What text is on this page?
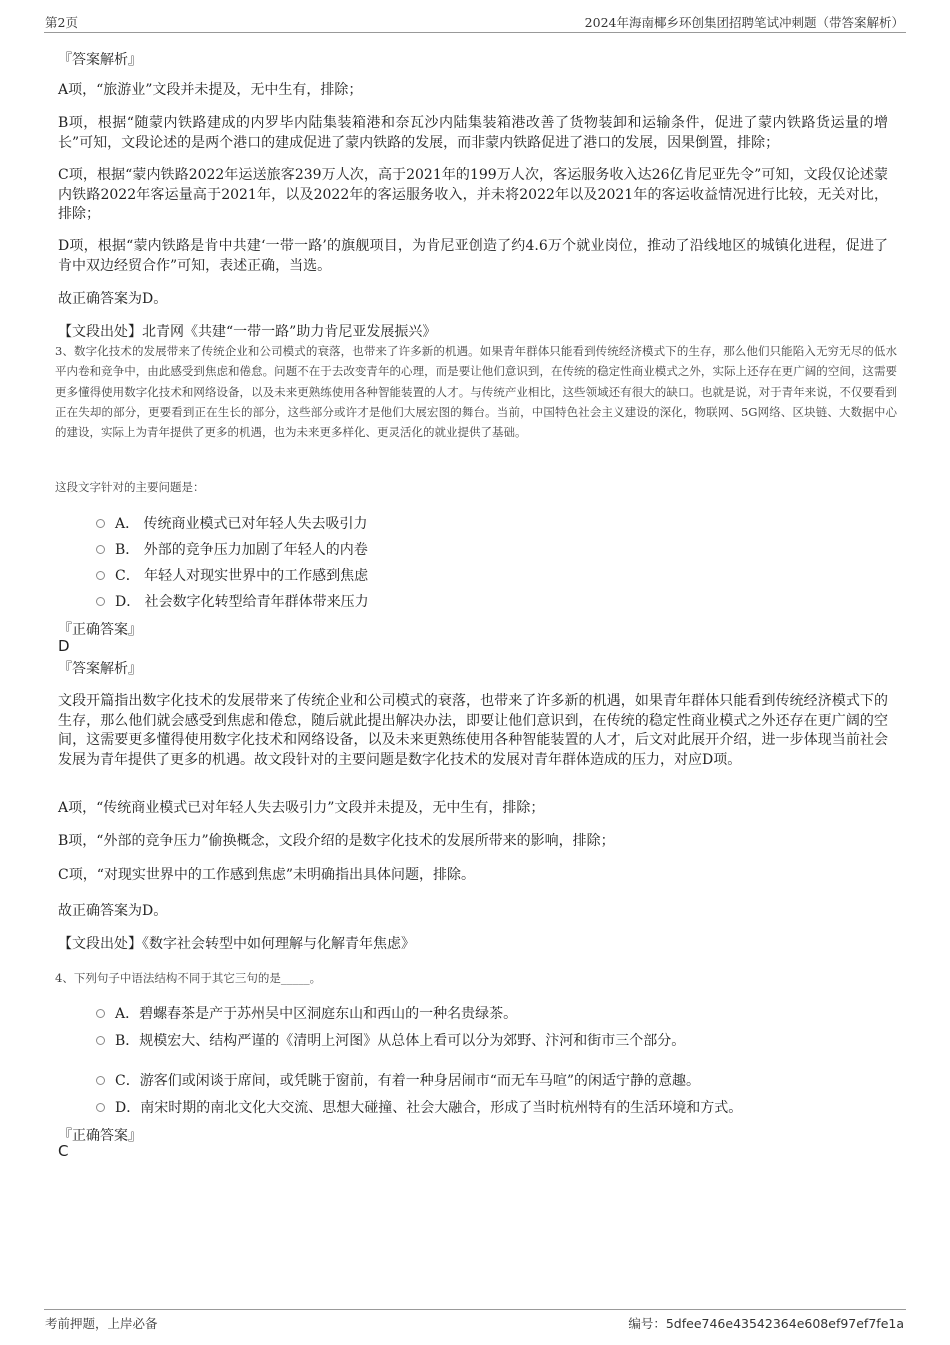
第2页	2024年海南椰乡环创集团招聘笔试冲刺题（带答案解析）
『答案解析』
A项，“旅游业”文段并未提及，无中生有，排除；
B项，根据“随蒙内铁路建成的内罗毕内陆集装箱港和奈瓦沙内陆集装箱港改善了货物装卸和运输条件，促进了蒙内铁路货运量的增长”可知，文段论述的是两个港口的建成促进了蒙内铁路的发展，而非蒙内铁路促进了港口的发展，因果倒置，排除；
C项，根据“蒙内铁路2022年运送旅客239万人次，高于2021年的199万人次，客运服务收入达26亿肯尼亚先令”可知，文段仅论述蒙内铁路2022年客运量高于2021年，以及2022年的客运服务收入，并未将2022年以及2021年的客运收益情况进行比较，无关对比，排除；
D项，根据“蒙内铁路是肯中共建‘一带一路’的旗舰项目，为肯尼亚创造了约4.6万个就业岗位，推动了沿线地区的城镇化进程，促进了肯中双边经贸合作”可知，表述正确，当选。
故正确答案为D。
【文段出处】北青网《共建“一带一路”助力肯尼亚发展振兴》
3、数字化技术的发展带来了传统企业和公司模式的衰落，也带来了许多新的机遇。如果青年群体只能看到传统经济模式下的生存，那么他们只能陷入无穷无尽的低水平内卷和竞争中，由此感受到焦虑和倦怠。问题不在于去改变青年的心理，而是要让他们意识到，在传统的稳定性商业模式之外，实际上还存在更广阔的空间，这需要更多懂得使用数字化技术和网络设备，以及未来更熟练使用各种智能装置的人才。与传统产业相比，这些领域还有很大的缺口。也就是说，对于青年来说，不仅要看到正在失却的部分，更要看到正在生长的部分，这些部分或许才是他们大展宏图的舞台。当前，中国特色社会主义建设的深化，物联网、5G网络、区块链、大数据中心的建设，实际上为青年提供了更多的机遇，也为未来更多样化、更灵活化的就业提供了基础。
这段文字针对的主要问题是：
A． 传统商业模式已对年轻人失去吸引力
B． 外部的竞争压力加剧了年轻人的内卷
C． 年轻人对现实世界中的工作感到焦虑
D． 社会数字化转型给青年群体带来压力
『正确答案』
D
『答案解析』
文段开篇指出数字化技术的发展带来了传统企业和公司模式的衰落，也带来了许多新的机遇，如果青年群体只能看到传统经济模式下的生存，那么他们就会感受到焦虑和倦怠，随后就此提出解决办法，即要让他们意识到，在传统的稳定性商业模式之外还存在更广阔的空间，这需要更多懂得使用数字化技术和网络设备，以及未来更熟练使用各种智能装置的人才，后文对此展开介绍，进一步体现当前社会发展为青年提供了更多的机遇。故文段针对的主要问题是数字化技术的发展对青年群体造成的压力，对应D项。
A项，“传统商业模式已对年轻人失去吸引力”文段并未提及，无中生有，排除；
B项，“外部的竞争压力”偷换概念，文段介绍的是数字化技术的发展所带来的影响，排除；
C项，“对现实世界中的工作感到焦虑”未明确指出具体问题，排除。
故正确答案为D。
【文段出处】《数字社会转型中如何理解与化解青年焦虑》
4、下列句子中语法结构不同于其它三句的是_____。
A．碧螺春茶是产于苏州吴中区洞庭东山和西山的一种名贵绿茶。
B．规模宏大、结构严谨的《清明上河图》从总体上看可以分为郊野、汴河和街市三个部分。
C．游客们或闲谈于席间，或凭眺于窗前，有着一种身居闹市“而无车马喧”的闲适宁静的意趣。
D．南宋时期的南北文化大交流、思想大碰撞、社会大融合，形成了当时杭州特有的生活环境和方式。
『正确答案』
C
考前押题，上岸必备	编号：5dfee746e43542364e608ef97ef7fe1a
